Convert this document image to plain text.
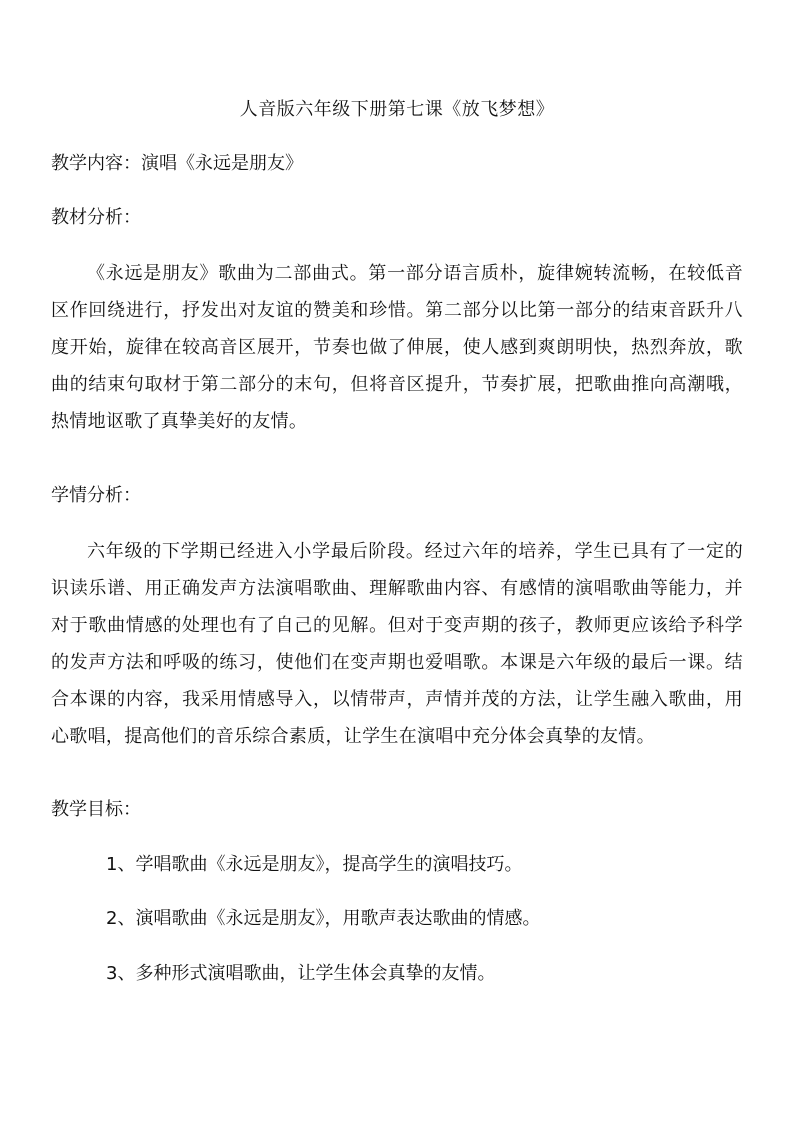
人音版六年级下册第七课《放飞梦想》
教学内容：演唱《永远是朋友》
教材分析：
《永远是朋友》歌曲为二部曲式。第一部分语言质朴，旋律婉转流畅，在较低音区作回绕进行，抒发出对友谊的赞美和珍惜。第二部分以比第一部分的结束音跃升八度开始，旋律在较高音区展开，节奏也做了伸展，使人感到爽朗明快，热烈奔放，歌曲的结束句取材于第二部分的末句，但将音区提升，节奏扩展，把歌曲推向高潮哦，热情地讴歌了真挚美好的友情。
学情分析：
六年级的下学期已经进入小学最后阶段。经过六年的培养，学生已具有了一定的识读乐谱、用正确发声方法演唱歌曲、理解歌曲内容、有感情的演唱歌曲等能力，并对于歌曲情感的处理也有了自己的见解。但对于变声期的孩子，教师更应该给予科学的发声方法和呼吸的练习，使他们在变声期也爱唱歌。本课是六年级的最后一课。结合本课的内容，我采用情感导入，以情带声，声情并茂的方法，让学生融入歌曲，用心歌唱，提高他们的音乐综合素质，让学生在演唱中充分体会真挚的友情。
教学目标：
1、学唱歌曲《永远是朋友》，提高学生的演唱技巧。
2、演唱歌曲《永远是朋友》，用歌声表达歌曲的情感。
3、多种形式演唱歌曲，让学生体会真挚的友情。
